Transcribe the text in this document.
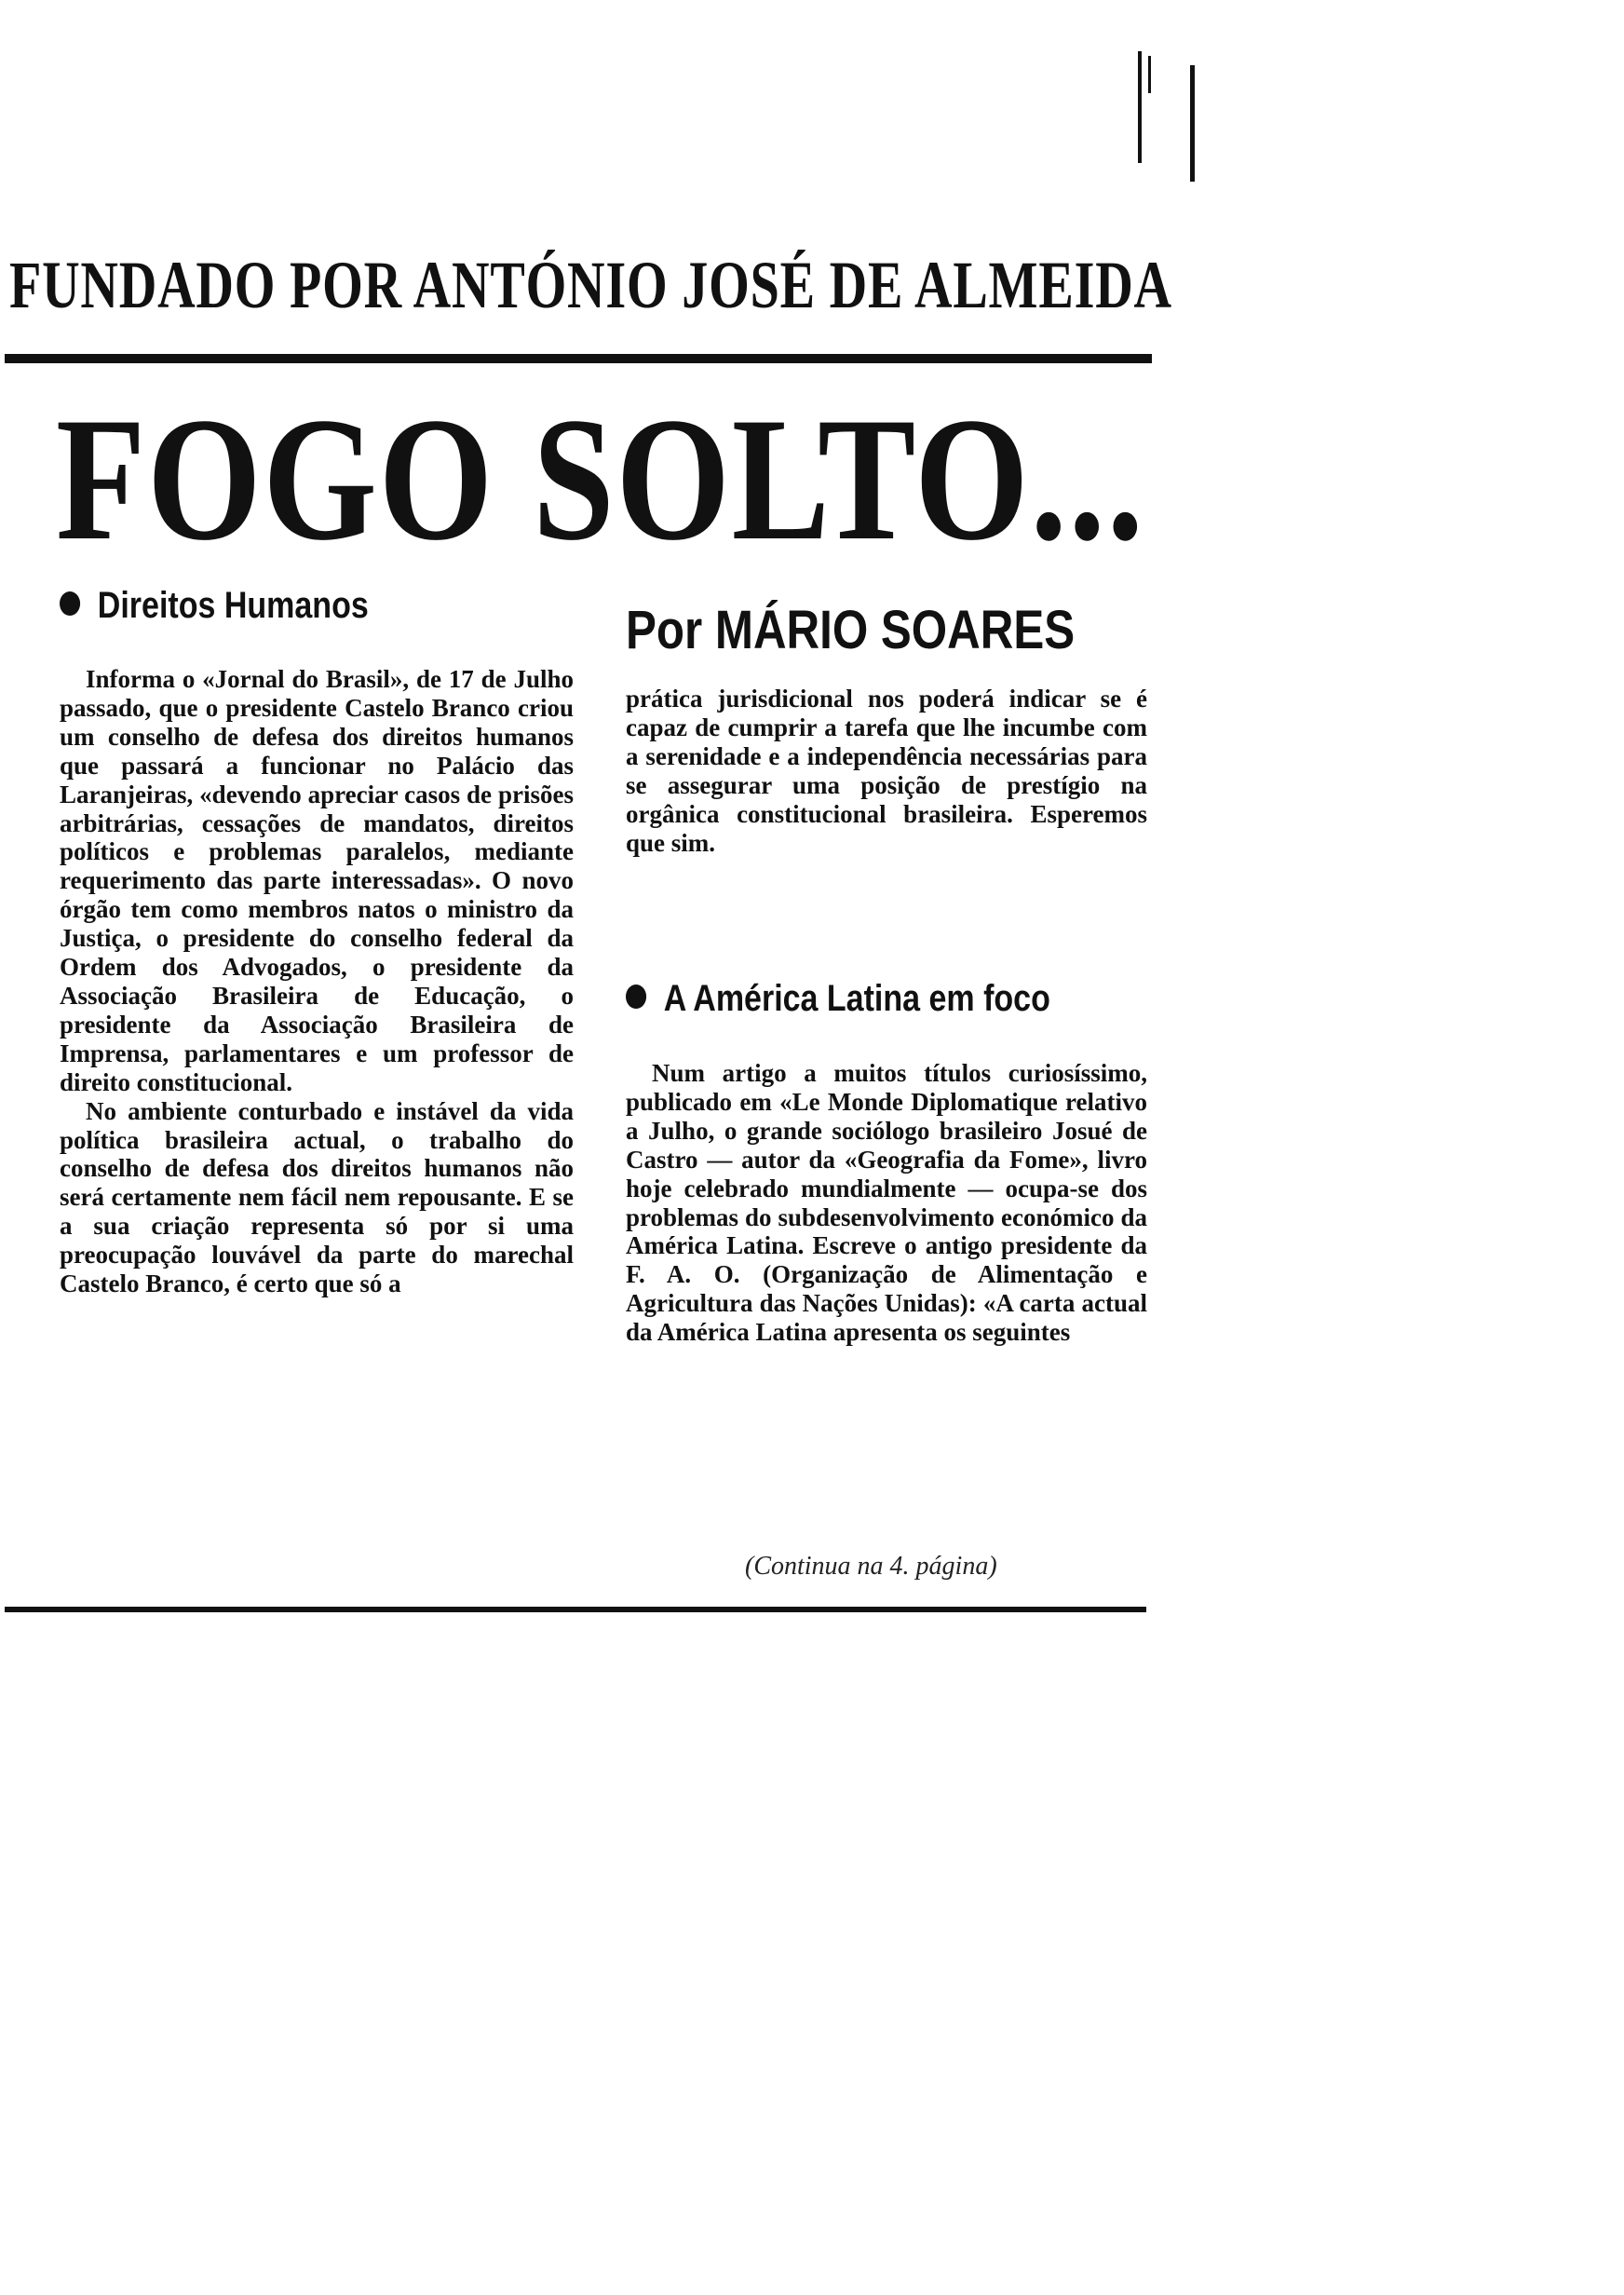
FUNDADO POR ANTÓNIO JOSÉ DE ALMEIDA
FOGO SOLTO...
Direitos Humanos	Por MÁRIO SOARES

Informa o «Jornal do Brasil», de 17 de Julho passado, que o presidente Castelo Branco criou um conselho de defesa dos direitos humanos que passará a funcionar no Palácio das Laranjeiras, «devendo apreciar casos de prisões arbitrárias, cessações de mandatos, direitos políticos e problemas paralelos, mediante requerimento das parte interessadas». O novo órgão tem como membros natos o ministro da Justiça, o presidente do conselho federal da Ordem dos Advogados, o presidente da Associação Brasileira de Educação, o presidente da Associação Brasileira de Imprensa, parlamentares e um professor de direito constitucional.

No ambiente conturbado e instável da vida política brasileira actual, o trabalho do conselho de defesa dos direitos humanos não será certamente nem fácil nem repousante. E se a sua criação representa só por si uma preocupação louvável da parte do marechal Castelo Branco, é certo que só a

prática jurisdicional nos poderá indicar se é capaz de cumprir a tarefa que lhe incumbe com a serenidade e a independência necessárias para se assegurar uma posição de prestígio na orgânica constitucional brasileira. Esperemos que sim.

A América Latina em foco

Num artigo a muitos títulos curiosíssimo, publicado em «Le Monde Diplomatique relativo a Julho, o grande sociólogo brasileiro Josué de Castro — autor da «Geografia da Fome», livro hoje celebrado mundialmente — ocupa-se dos problemas do subdesenvolvimento económico da América Latina. Escreve o antigo presidente da F. A. O. (Organização de Alimentação e Agricultura das Nações Unidas): «A carta actual da América Latina apresenta os seguintes

(Continua na 4. página)
